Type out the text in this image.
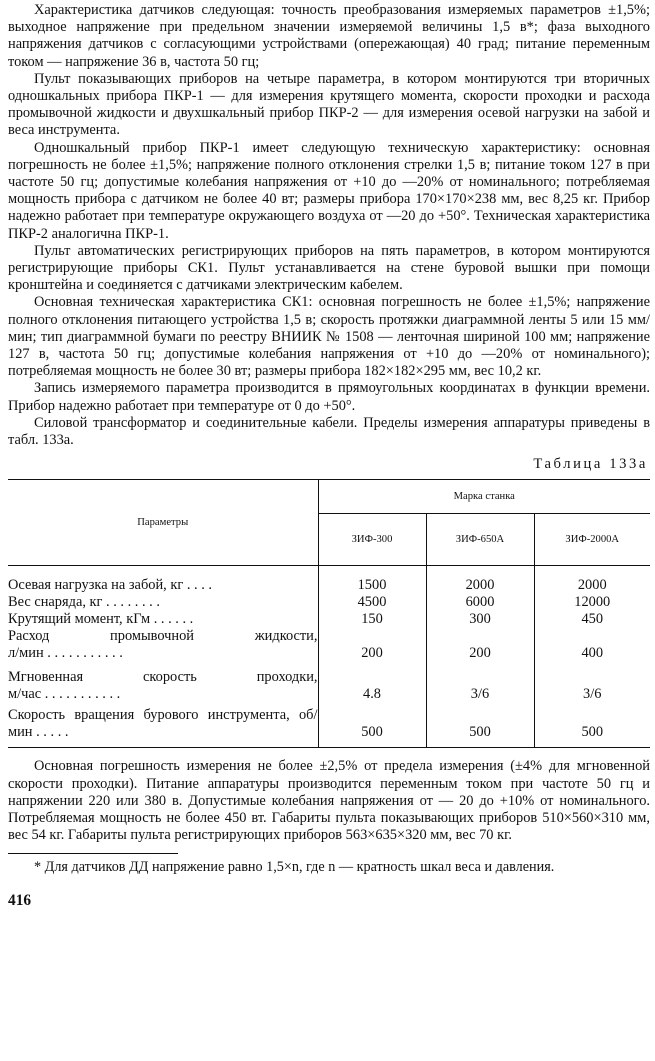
Характеристика датчиков следующая: точность преобразования измеряемых параметров ±1,5%; выходное напряжение при предельном значении измеряемой величины 1,5 в*; фаза выходного напряжения датчиков с согласующими устройствами (опережающая) 40 град; питание переменным током — напряжение 36 в, частота 50 гц;

Пульт показывающих приборов на четыре параметра, в котором монтируются три вторичных одношкальных прибора ПКР-1 — для измерения крутящего момента, скорости проходки и расхода промывочной жидкости и двухшкальный прибор ПКР-2 — для измерения осевой нагрузки на забой и веса инструмента.

Одношкальный прибор ПКР-1 имеет следующую техническую характеристику: основная погрешность не более ±1,5%; напряжение полного отклонения стрелки 1,5 в; питание током 127 в при частоте 50 гц; допустимые колебания напряжения от +10 до —20% от номинального; потребляемая мощность прибора с датчиком не более 40 вт; размеры прибора 170×170×238 мм, вес 8,25 кг. Прибор надежно работает при температуре окружающего воздуха от —20 до +50°. Техническая характеристика ПКР-2 аналогична ПКР-1.

Пульт автоматических регистрирующих приборов на пять параметров, в котором монтируются регистрирующие приборы СК1. Пульт устанавливается на стене буровой вышки при помощи кронштейна и соединяется с датчиками электрическим кабелем.

Основная техническая характеристика СК1: основная погрешность не более ±1,5%; напряжение полного отклонения питающего устройства 1,5 в; скорость протяжки диаграммной ленты 5 или 15 мм/мин; тип диаграммной бумаги по реестру ВНИИК № 1508 — ленточная шириной 100 мм; напряжение 127 в, частота 50 гц; допустимые колебания напряжения от +10 до —20% от номинального); потребляемая мощность не более 30 вт; размеры прибора 182×182×295 мм, вес 10,2 кг.

Запись измеряемого параметра производится в прямоугольных координатах в функции времени. Прибор надежно работает при температуре от 0 до +50°.

Силовой трансформатор и соединительные кабели. Пределы измерения аппаратуры приведены в табл. 133а.

Таблица 133а
Параметры	Марка станка		
	ЗИФ-300	ЗИФ-650А	ЗИФ-2000А

Осевая нагрузка на забой, кг . . . .	1500	2000	2000

Вес снаряда, кг . . . . . . . .	4500	6000	12000

Крутящий момент, кГм . . . . . .	150	300	450

Расход промывочной жидкости,
л/мин . . . . . . . . . . .	200	200	400

Мгновенная скорость проходки,
м/час . . . . . . . . . . .	4.8	3/6	3/6

Скорость вращения бурового инструмента, об/мин . . . . .	500	500	500

Основная погрешность измерения не более ±2,5% от предела измерения (±4% для мгновенной скорости проходки). Питание аппаратуры производится переменным током при частоте 50 гц и напряжении 220 или 380 в. Допустимые колебания напряжения от — 20 до +10% от номинального. Потребляемая мощность не более 450 вт. Габариты пульта показывающих приборов 510×560×310 мм, вес 54 кг. Габариты пульта регистрирующих приборов 563×635×320 мм, вес 70 кг.

* Для датчиков ДД напряжение равно 1,5×n, где n — кратность шкал веса и давления.

416
